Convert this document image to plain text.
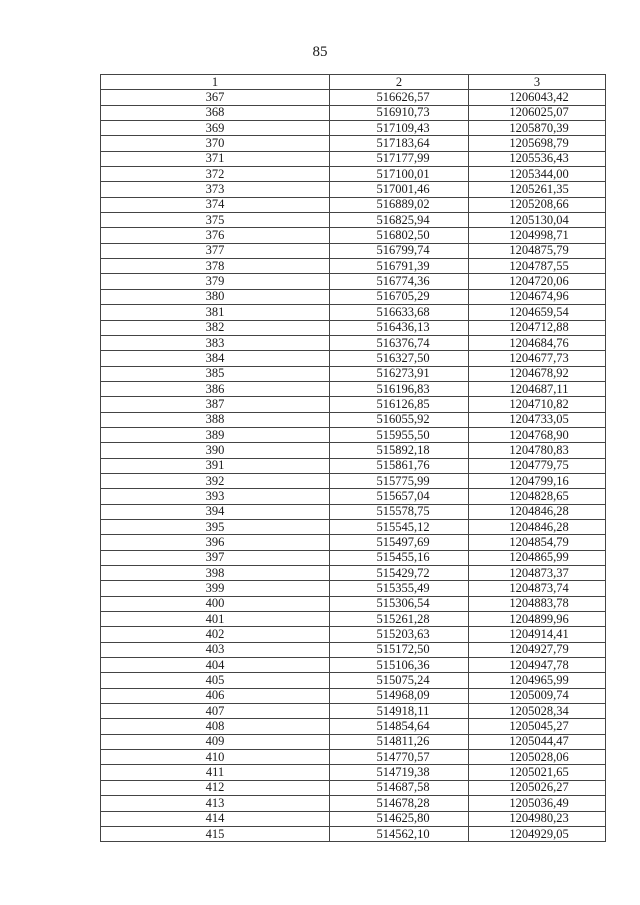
85
1	2	3
367	516626,57	1206043,42
368	516910,73	1206025,07
369	517109,43	1205870,39
370	517183,64	1205698,79
371	517177,99	1205536,43
372	517100,01	1205344,00
373	517001,46	1205261,35
374	516889,02	1205208,66
375	516825,94	1205130,04
376	516802,50	1204998,71
377	516799,74	1204875,79
378	516791,39	1204787,55
379	516774,36	1204720,06
380	516705,29	1204674,96
381	516633,68	1204659,54
382	516436,13	1204712,88
383	516376,74	1204684,76
384	516327,50	1204677,73
385	516273,91	1204678,92
386	516196,83	1204687,11
387	516126,85	1204710,82
388	516055,92	1204733,05
389	515955,50	1204768,90
390	515892,18	1204780,83
391	515861,76	1204779,75
392	515775,99	1204799,16
393	515657,04	1204828,65
394	515578,75	1204846,28
395	515545,12	1204846,28
396	515497,69	1204854,79
397	515455,16	1204865,99
398	515429,72	1204873,37
399	515355,49	1204873,74
400	515306,54	1204883,78
401	515261,28	1204899,96
402	515203,63	1204914,41
403	515172,50	1204927,79
404	515106,36	1204947,78
405	515075,24	1204965,99
406	514968,09	1205009,74
407	514918,11	1205028,34
408	514854,64	1205045,27
409	514811,26	1205044,47
410	514770,57	1205028,06
411	514719,38	1205021,65
412	514687,58	1205026,27
413	514678,28	1205036,49
414	514625,80	1204980,23
415	514562,10	1204929,05
